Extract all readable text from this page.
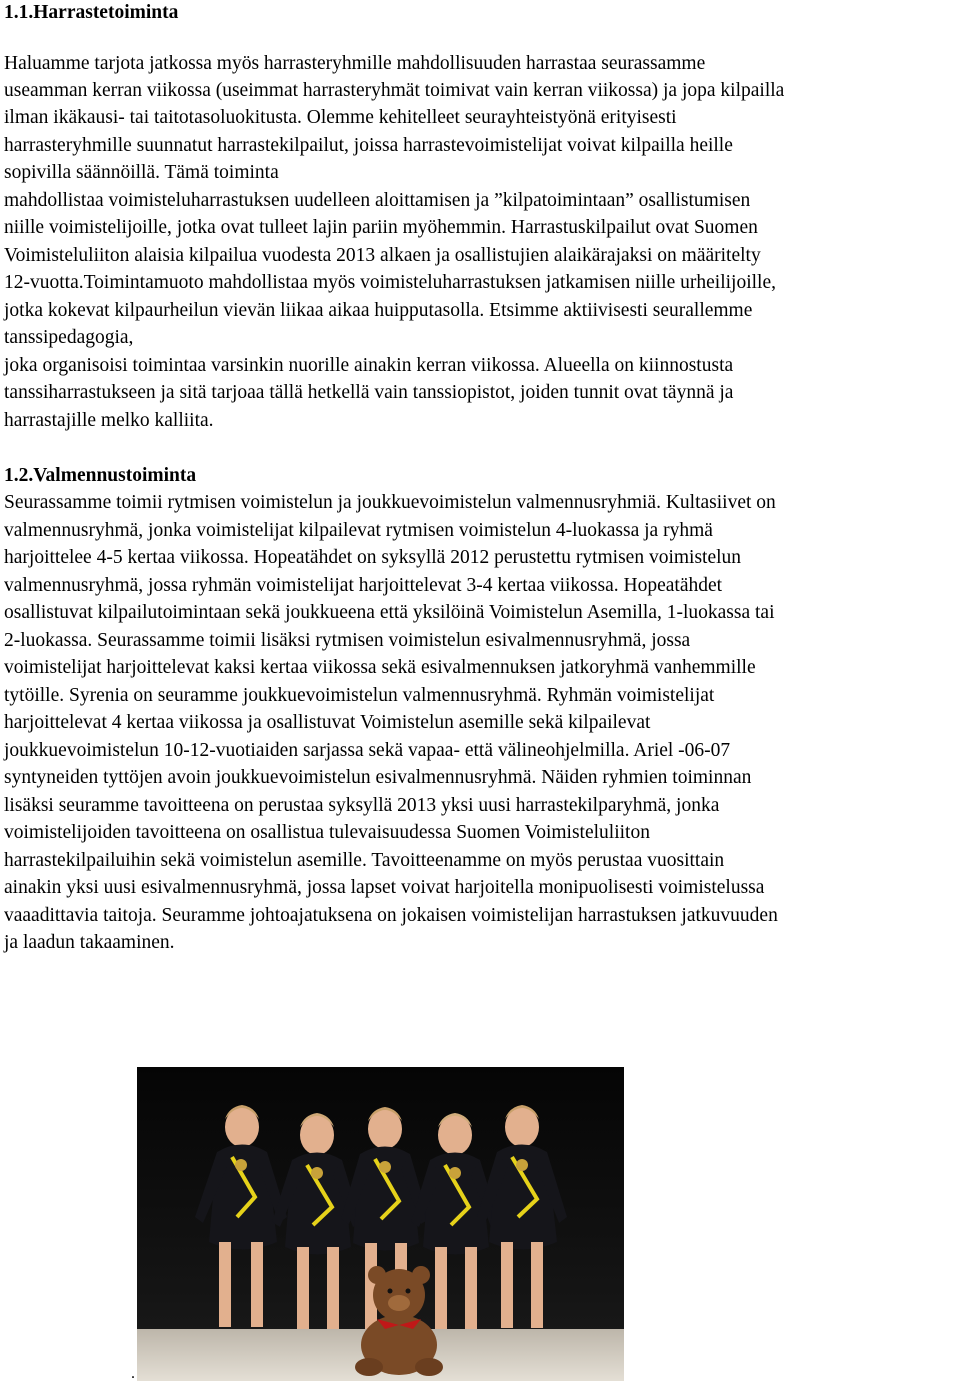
1.1.Harrastetoiminta
Haluamme tarjota jatkossa myös harrasteryhmille mahdollisuuden harrastaa seurassamme
useamman kerran viikossa (useimmat harrasteryhmät toimivat vain kerran viikossa) ja jopa kilpailla
ilman ikäkausi- tai taitotasoluokitusta. Olemme kehitelleet seurayhteistyönä erityisesti
harrasteryhmille suunnatut harrastekilpailut, joissa harrastevoimistelijat voivat kilpailla heille
sopivilla säännöillä. Tämä toiminta
mahdollistaa voimisteluharrastuksen uudelleen aloittamisen ja ”kilpatoimintaan” osallistumisen
niille voimistelijoille, jotka ovat tulleet lajin pariin myöhemmin. Harrastuskilpailut ovat Suomen
Voimisteluliiton alaisia kilpailua vuodesta 2013 alkaen ja osallistujien alaikärajaksi on määritelty
12-vuotta.Toimintamuoto mahdollistaa myös voimisteluharrastuksen jatkamisen niille urheilijoille,
jotka kokevat kilpaurheilun vievän liikaa aikaa huipputasolla. Etsimme aktiivisesti seurallemme
tanssipedagogia,
joka organisoisi toimintaa varsinkin nuorille ainakin kerran viikossa. Alueella on kiinnostusta
tanssiharrastukseen ja sitä tarjoaa tällä hetkellä vain tanssiopistot, joiden tunnit ovat täynnä ja
harrastajille melko kalliita.
1.2.Valmennustoiminta
Seurassamme toimii rytmisen voimistelun ja joukkuevoimistelun valmennusryhmiä. Kultasiivet on
valmennusryhmä, jonka voimistelijat kilpailevat rytmisen voimistelun 4-luokassa ja ryhmä
harjoittelee 4-5 kertaa viikossa. Hopeatähdet on syksyllä 2012 perustettu rytmisen voimistelun
valmennusryhmä, jossa ryhmän voimistelijat harjoittelevat 3-4 kertaa viikossa. Hopeatähdet
osallistuvat kilpailutoimintaan sekä joukkueena että yksilöinä Voimistelun Asemilla, 1-luokassa tai
2-luokassa. Seurassamme toimii lisäksi rytmisen voimistelun esivalmennusryhmä, jossa
voimistelijat harjoittelevat kaksi kertaa viikossa sekä esivalmennuksen jatkoryhmä vanhemmille
tytöille. Syrenia on seuramme joukkuevoimistelun valmennusryhmä. Ryhmän voimistelijat
harjoittelevat 4 kertaa viikossa ja osallistuvat Voimistelun asemille sekä kilpailevat
joukkuevoimistelun 10-12-vuotiaiden sarjassa sekä vapaa- että välineohjelmilla. Ariel -06-07
syntyneiden tyttöjen avoin joukkuevoimistelun esivalmennusryhmä. Näiden ryhmien toiminnan
lisäksi seuramme tavoitteena on perustaa syksyllä 2013 yksi uusi harrastekilparyhmä, jonka
voimistelijoiden tavoitteena on osallistua tulevaisuudessa Suomen Voimisteluliiton
harrastekilpailuihin sekä voimistelun asemille. Tavoitteenamme on myös perustaa vuosittain
ainakin yksi uusi esivalmennusryhmä, jossa lapset voivat harjoitella monipuolisesti voimistelussa
vaaadittavia taitoja. Seuramme johtoajatuksena on jokaisen voimistelijan harrastuksen jatkuvuuden
ja laadun takaaminen.
.
